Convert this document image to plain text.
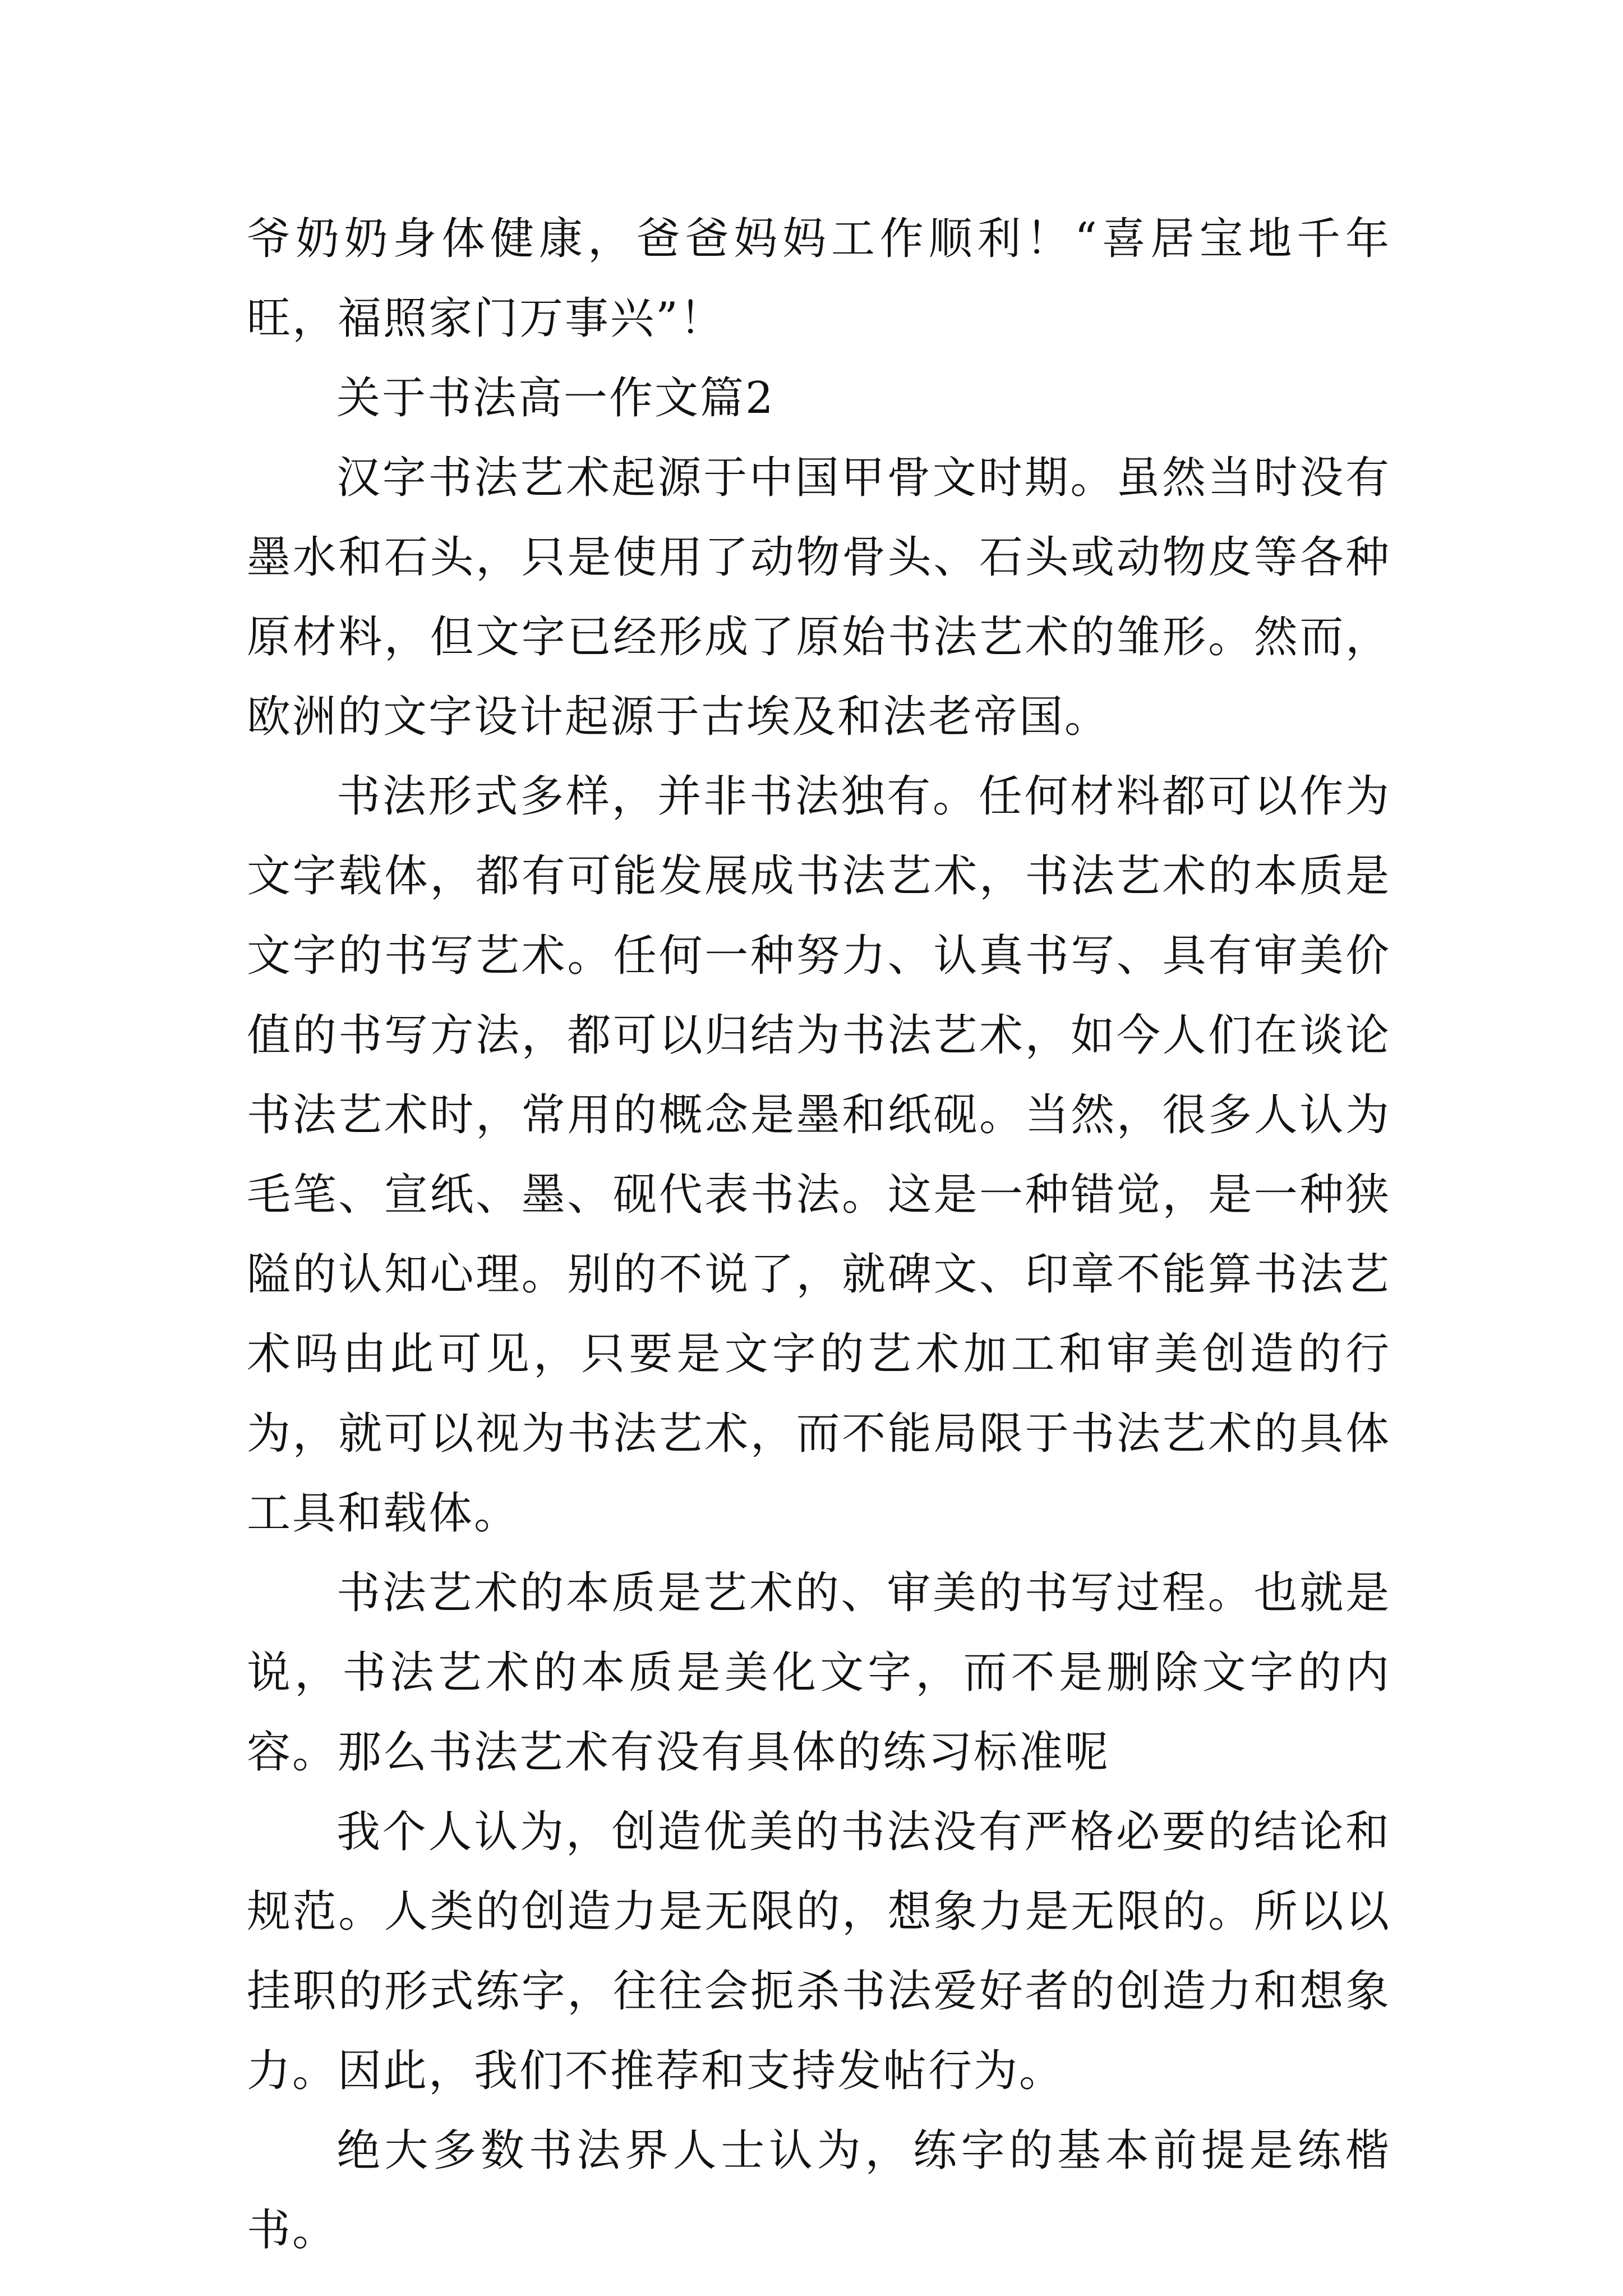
爷奶奶身体健康，爸爸妈妈工作顺利！“喜居宝地千年旺，福照家门万事兴”！

关于书法高一作文篇2

汉字书法艺术起源于中国甲骨文时期。虽然当时没有墨水和石头，只是使用了动物骨头、石头或动物皮等各种原材料，但文字已经形成了原始书法艺术的雏形。然而，欧洲的文字设计起源于古埃及和法老帝国。

书法形式多样，并非书法独有。任何材料都可以作为文字载体，都有可能发展成书法艺术，书法艺术的本质是文字的书写艺术。任何一种努力、认真书写、具有审美价值的书写方法，都可以归结为书法艺术，如今人们在谈论书法艺术时，常用的概念是墨和纸砚。当然，很多人认为毛笔、宣纸、墨、砚代表书法。这是一种错觉，是一种狭隘的认知心理。别的不说了，就碑文、印章不能算书法艺术吗由此可见，只要是文字的艺术加工和审美创造的行为，就可以视为书法艺术，而不能局限于书法艺术的具体工具和载体。

书法艺术的本质是艺术的、审美的书写过程。也就是说，书法艺术的本质是美化文字，而不是删除文字的内容。那么书法艺术有没有具体的练习标准呢

我个人认为，创造优美的书法没有严格必要的结论和规范。人类的创造力是无限的，想象力是无限的。所以以挂职的形式练字，往往会扼杀书法爱好者的创造力和想象力。因此，我们不推荐和支持发帖行为。

绝大多数书法界人士认为，练字的基本前提是练楷书。
